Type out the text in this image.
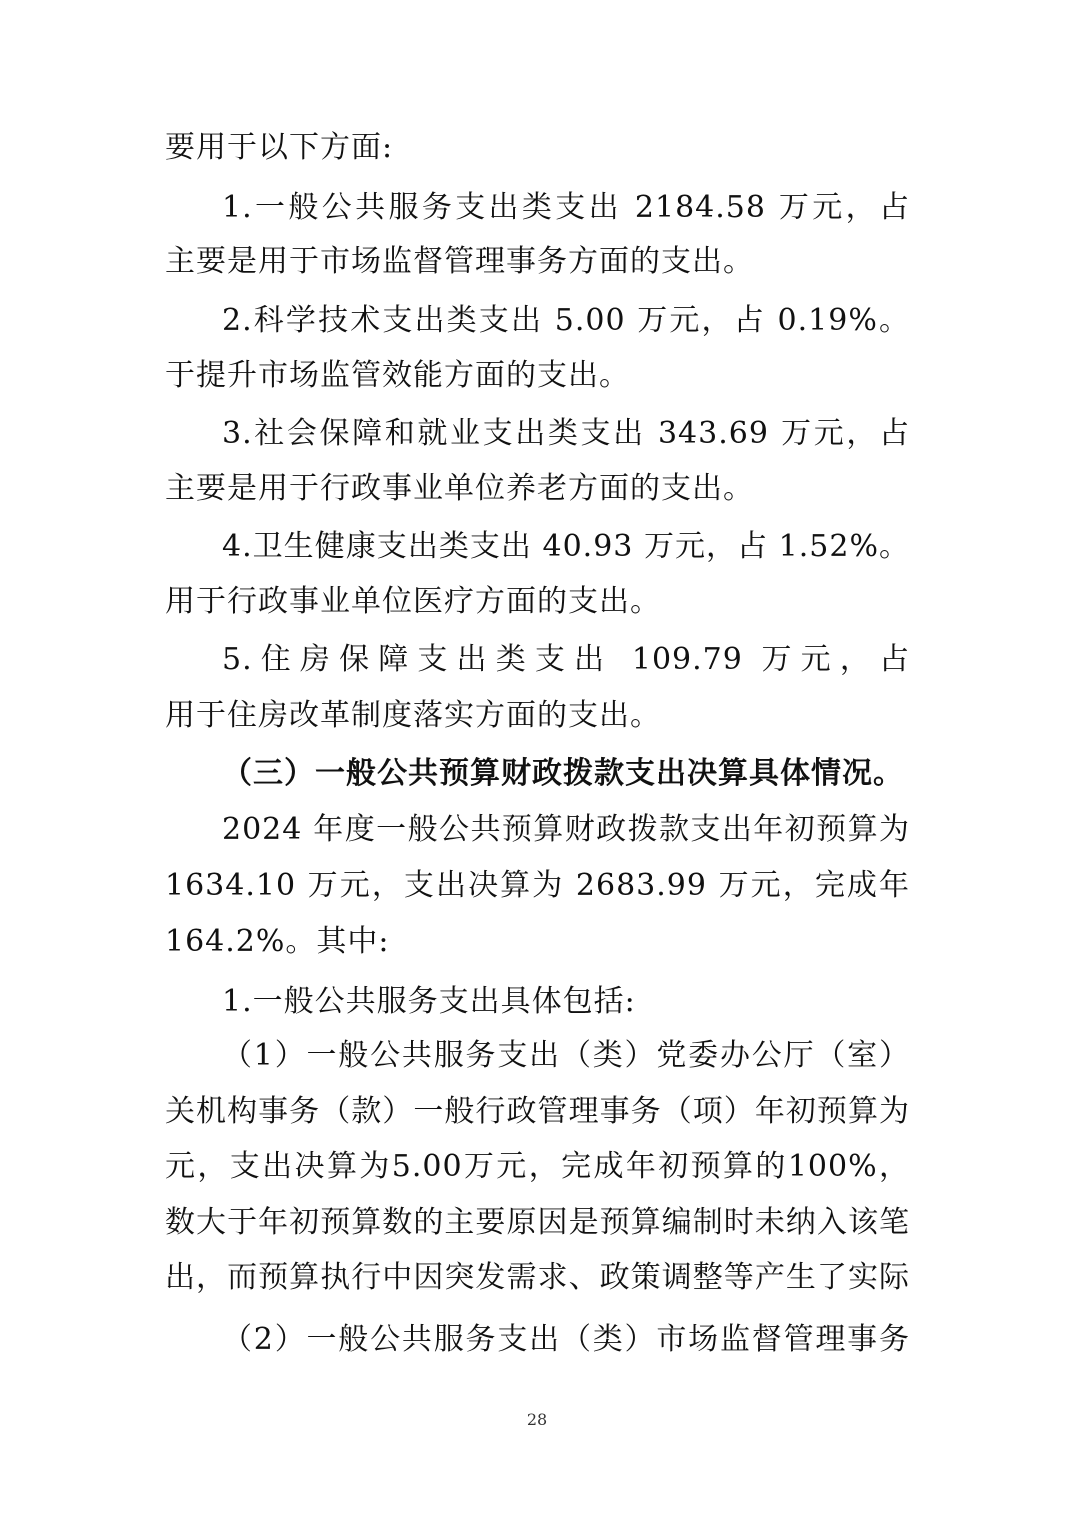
要用于以下方面:
1.一般公共服务支出类支出 2184.58 万元，占
主要是用于市场监督管理事务方面的支出。
2.科学技术支出类支出 5.00 万元，占 0.19%。
于提升市场监管效能方面的支出。
3.社会保障和就业支出类支出 343.69 万元，占
主要是用于行政事业单位养老方面的支出。
4.卫生健康支出类支出 40.93 万元，占 1.52%。
用于行政事业单位医疗方面的支出。
5.住房保障支出类支出 109.79 万元，占
用于住房改革制度落实方面的支出。
（三）一般公共预算财政拨款支出决算具体情况。
2024 年度一般公共预算财政拨款支出年初预算为
1634.10 万元，支出决算为 2683.99 万元，完成年
164.2%。其中:
1.一般公共服务支出具体包括:
（1）一般公共服务支出（类）党委办公厅（室）
关机构事务（款）一般行政管理事务（项）年初预算为
元，支出决算为5.00万元，完成年初预算的100%，
数大于年初预算数的主要原因是预算编制时未纳入该笔
出，而预算执行中因突发需求、政策调整等产生了实际
（2）一般公共服务支出（类）市场监督管理事务
28
